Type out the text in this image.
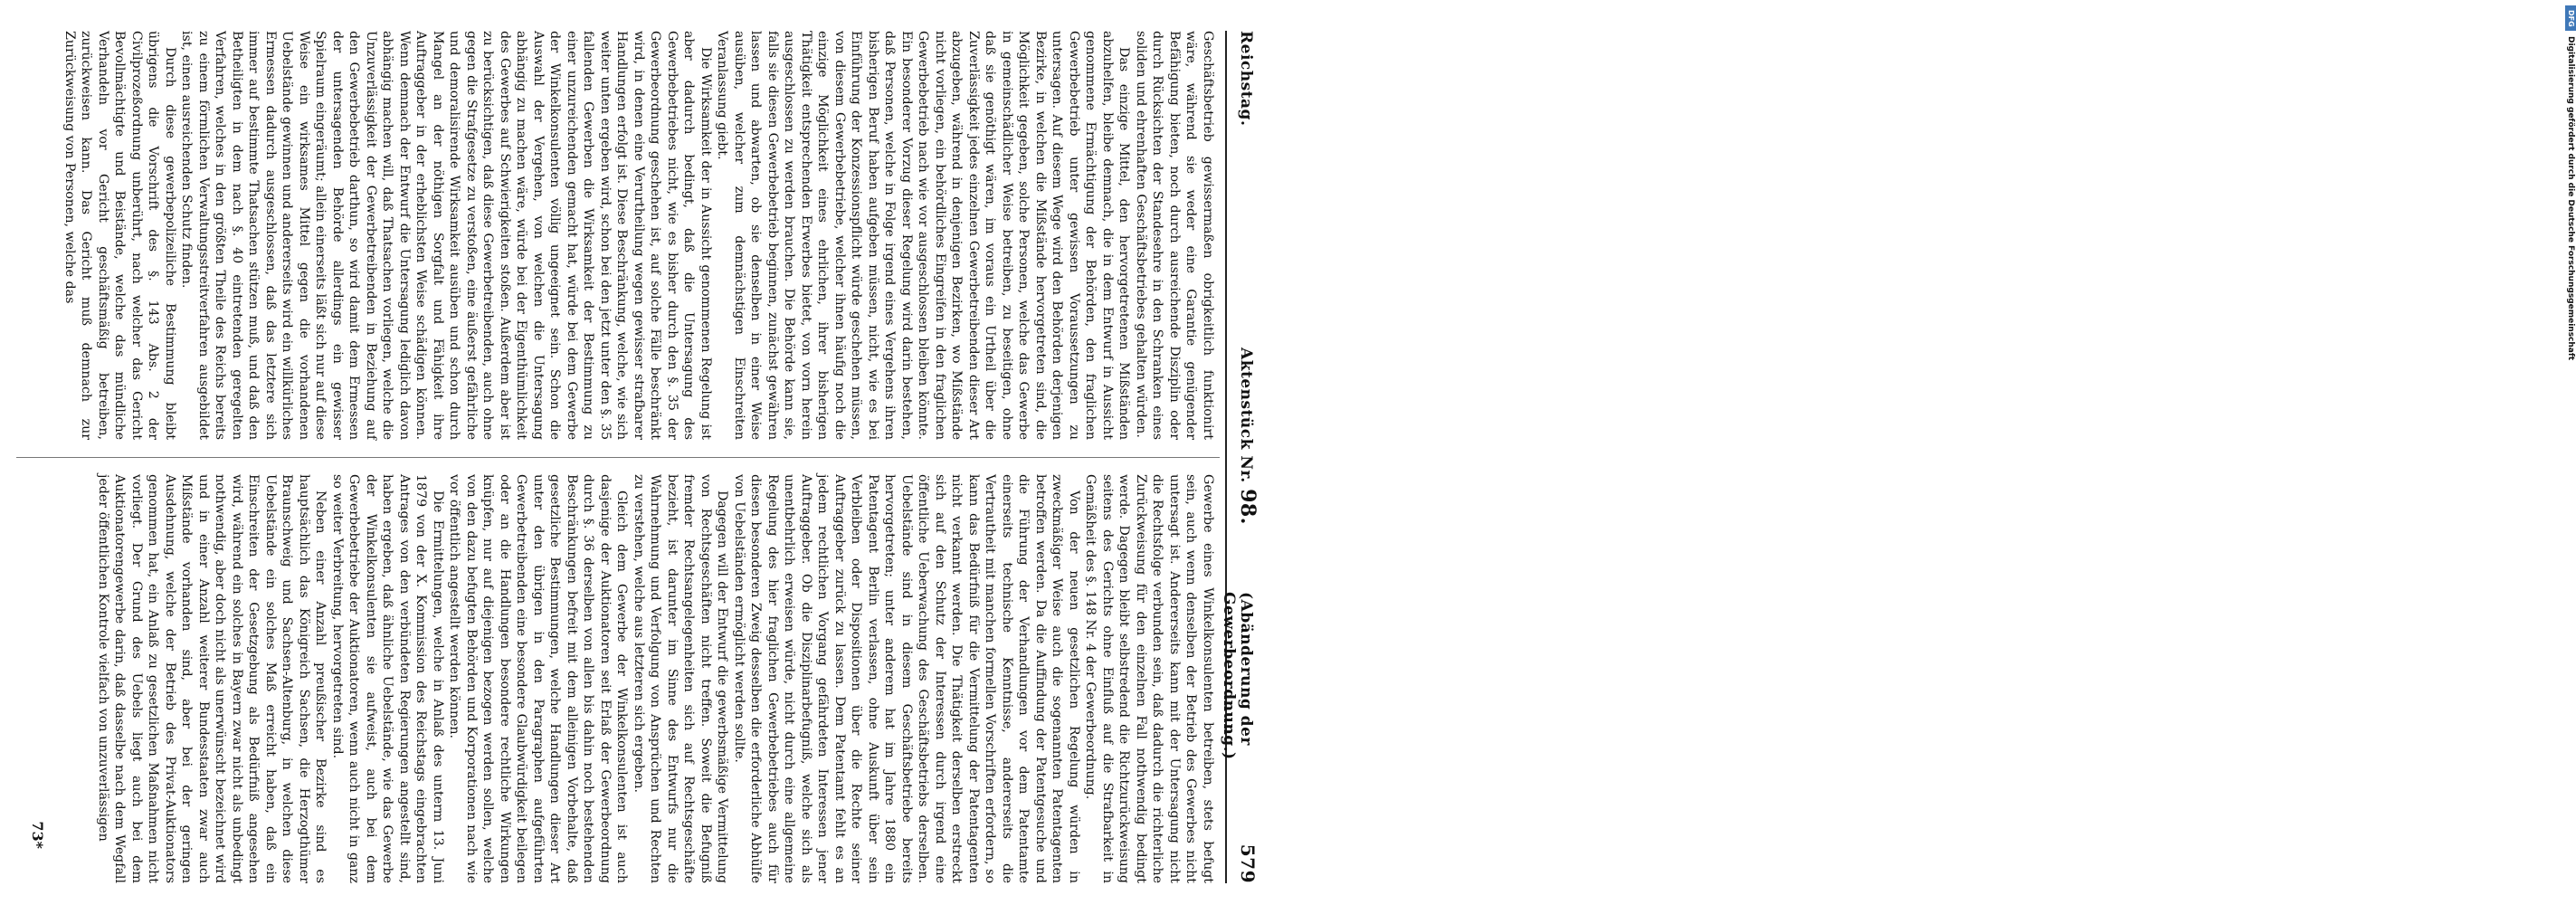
DFG
Digitalisierung gefördert durch die Deutsche Forschungsgemeinschaft
Reichstag.
Aktenstück Nr. 98.
(Abänderung der Gewerbeordnung.)
579

Geschäftsbetrieb gewissermaßen obrigkeitlich funktionirt wäre, während sie weder eine Garantie genügender Befähigung bieten, noch durch ausreichende Disziplin oder durch Rücksichten der Standesehre in den Schranken eines soliden und ehrenhaften Geschäftsbetriebes gehalten würden.

Das einzige Mittel, den hervorgetretenen Mißständen abzuhelfen, bleibe demnach, die in dem Entwurf in Aussicht genommene Ermächtigung der Behörden, den fraglichen Gewerbebetrieb unter gewissen Voraussetzungen zu untersagen. Auf diesem Wege wird den Behörden derjenigen Bezirke, in welchen die Mißstände hervorgetreten sind, die Möglichkeit gegeben, solche Personen, welche das Gewerbe in gemeinschädlicher Weise betreiben, zu beseitigen, ohne daß sie genöthigt wären, im voraus ein Urtheil über die Zuverlässigkeit jedes einzelnen Gewerbetreibenden dieser Art abzugeben, während in denjenigen Bezirken, wo Mißstände nicht vorliegen, ein behördliches Eingreifen in den fraglichen Gewerbebetrieb nach wie vor ausgeschlossen bleiben könnte. Ein besonderer Vorzug dieser Regelung wird darin bestehen, daß Personen, welche in Folge irgend eines Vergehens ihren bisherigen Beruf haben aufgeben müssen, nicht, wie es bei Einführung der Konzessionspflicht würde geschehen müssen, von diesem Gewerbebetriebe, welcher ihnen häufig noch die einzige Möglichkeit eines ehrlichen, ihrer bisherigen Thätigkeit entsprechenden Erwerbes bietet, von vorn herein ausgeschlossen zu werden brauchen. Die Behörde kann sie, falls sie diesen Gewerbebetrieb beginnen, zunächst gewähren lassen und abwarten, ob sie denselben in einer Weise ausüben, welcher zum demnächstigen Einschreiten Veranlassung giebt.

Die Wirksamkeit der in Aussicht genommenen Regelung ist aber dadurch bedingt, daß die Untersagung des Gewerbebetriebes nicht, wie es bisher durch den §. 35 der Gewerbeordnung geschehen ist, auf solche Fälle beschränkt wird, in denen eine Verurtheilung wegen gewisser strafbarer Handlungen erfolgt ist. Diese Beschränkung, welche, wie sich weiter unten ergeben wird, schon bei den jetzt unter den §. 35 fallenden Gewerben die Wirksamkeit der Bestimmung zu einer unzureichenden gemacht hat, würde bei dem Gewerbe der Winkelkonsulenten völlig ungeeignet sein. Schon die Auswahl der Vergehen, von welchen die Untersagung abhängig zu machen wäre, würde bei der Eigenthümlichkeit des Gewerbes auf Schwierigkeiten stoßen. Außerdem aber ist zu berücksichtigen, daß diese Gewerbetreibenden, auch ohne gegen die Strafgesetze zu verstoßen, eine äußerst gefährliche und demoralisirende Wirksamkeit ausüben und schon durch Mangel an der nöthigen Sorgfalt und Fähigkeit ihre Auftraggeber in der erheblichsten Weise schädigen können. Wenn demnach der Entwurf die Untersagung lediglich davon abhängig machen will, daß Thatsachen vorliegen, welche die Unzuverlässigkeit der Gewerbetreibenden in Beziehung auf den Gewerbebetrieb darthun, so wird damit dem Ermessen der untersagenden Behörde allerdings ein gewisser Spielraum eingeräumt; allein einerseits läßt sich nur auf diese Weise ein wirksames Mittel gegen die vorhandenen Uebelstände gewinnen und andererseits wird ein willkürliches Ermessen dadurch ausgeschlossen, daß das letztere sich immer auf bestimmte Thatsachen stützen muß, und daß den Betheiligten in dem nach §. 40 eintretenden geregelten Verfahren, welches in den größten Theile des Reichs bereits zu einem förmlichen Verwaltungsstreitverfahren ausgebildet ist, einen ausreichenden Schutz finden.

Durch diese gewerbepolizeiliche Bestimmung bleibt übrigens die Vorschrift des §. 143 Abs. 2 der Civilprozeßordnung unberührt, nach welcher das Gericht Bevollmächtigte und Beistände, welche das mündliche Verhandeln vor Gericht geschäftsmäßig betreiben, zurückweisen kann. Das Gericht muß demnach zur Zurückweisung von Personen, welche das

Gewerbe eines Winkelkonsulenten betreiben, stets befugt sein, auch wenn denselben der Betrieb des Gewerbes nicht untersagt ist. Andererseits kann mit der Untersagung nicht die Rechtsfolge verbunden sein, daß dadurch die richterliche Zurückweisung für den einzelnen Fall nothwendig bedingt werde. Dagegen bleibt selbstredend die Richtzurückweisung seitens des Gerichts ohne Einfluß auf die Strafbarkeit in Gemäßheit des §. 148 Nr. 4 der Gewerbeordnung.

Von der neuen gesetzlichen Regelung würden in zweckmäßiger Weise auch die sogenannten Patentagenten betroffen werden. Da die Auffindung der Patentgesuche und die Führung der Verhandlungen vor dem Patentamte einerseits technische Kenntnisse, andererseits die Vertrautheit mit manchen formellen Vorschriften erfordern, so kann das Bedürfniß für die Vermittelung der Patentagenten nicht verkannt werden. Die Thätigkeit derselben erstreckt sich auf den Schutz der Interessen durch irgend eine öffentliche Ueberwachung des Geschäftsbetriebs derselben. Uebelstände sind in diesem Geschäftsbetriebe bereits hervorgetreten; unter anderem hat im Jahre 1880 ein Patentagent Berlin verlassen, ohne Auskunft über sein Verbleiben oder Dispositionen über die Rechte seiner Auftraggeber zurück zu lassen. Dem Patentamt fehlt es an jedem rechtlichen Vorgang gefährdeten Interessen jener Auftraggeber. Ob die Disziplinarbefugniß, welche sich als unentbehrlich erweisen würde, nicht durch eine allgemeine Regelung des hier fraglichen Gewerbebetriebes auch für diesen besonderen Zweig desselben die erforderliche Abhülfe von Uebelständen ermöglicht werden sollte.

Dagegen will der Entwurf die gewerbsmäßige Vermittelung von Rechtsgeschäften nicht treffen. Soweit die Befugniß fremder Rechtsangelegenheiten sich auf Rechtsgeschäfte bezieht, ist darunter im Sinne des Entwurfs nur die Wahrnehmung und Verfolgung von Ansprüchen und Rechten zu verstehen, welche aus letzteren sich ergeben.

Gleich dem Gewerbe der Winkelkonsulenten ist auch dasjenige der Auktionatoren seit Erlaß der Gewerbeordnung durch §. 36 derselben von allen bis dahin noch bestehenden Beschränkungen befreit mit dem alleinigen Vorbehalte, daß gesetzliche Bestimmungen, welche Handlungen dieser Art unter den übrigen in den Paragraphen aufgeführten Gewerbetreibenden eine besondere Glaubwürdigkeit beilegen oder an die Handlungen besondere rechtliche Wirkungen knüpfen, nur auf diejenigen bezogen werden sollen, welche von den dazu befugten Behörden und Korporationen nach wie vor öffentlich angestellt werden können.

Die Ermittelungen, welche in Anlaß des unterm 13. Juni 1879 von der X. Kommission des Reichstags eingebrachten Antrages von den verbündeten Regierungen angestellt sind, haben ergeben, daß ähnliche Uebelstände, wie das Gewerbe der Winkelkonsulenten sie aufweist, auch bei dem Gewerbebetriebe der Auktionatoren, wenn auch nicht in ganz so weiter Verbreitung, hervorgetreten sind.

Neben einer Anzahl preußischer Bezirke sind es hauptsächlich das Königreich Sachsen, die Herzogthümer Braunschweig und Sachsen-Altenburg, in welchen diese Uebelstände ein solches Maß erreicht haben, daß ein Einschreiten der Gesetzgebung als Bedürfniß angesehen wird, während ein solches in Bayern zwar nicht als unbedingt nothwendig, aber doch nicht als unerwünscht bezeichnet wird und in einer Anzahl weiterer Bundesstaaten zwar auch Mißstände vorhanden sind, aber bei der geringen Ausdehnung, welche der Betrieb des Privat-Auktionators genommen hat, ein Anlaß zu gesetzlichen Maßnahmen nicht vorliegt. Der Grund des Uebels liegt auch bei dem Auktionatorengewerbe darin, daß dasselbe nach dem Wegfall jeder öffentlichen Kontrole vielfach von unzuverlässigen

73*
